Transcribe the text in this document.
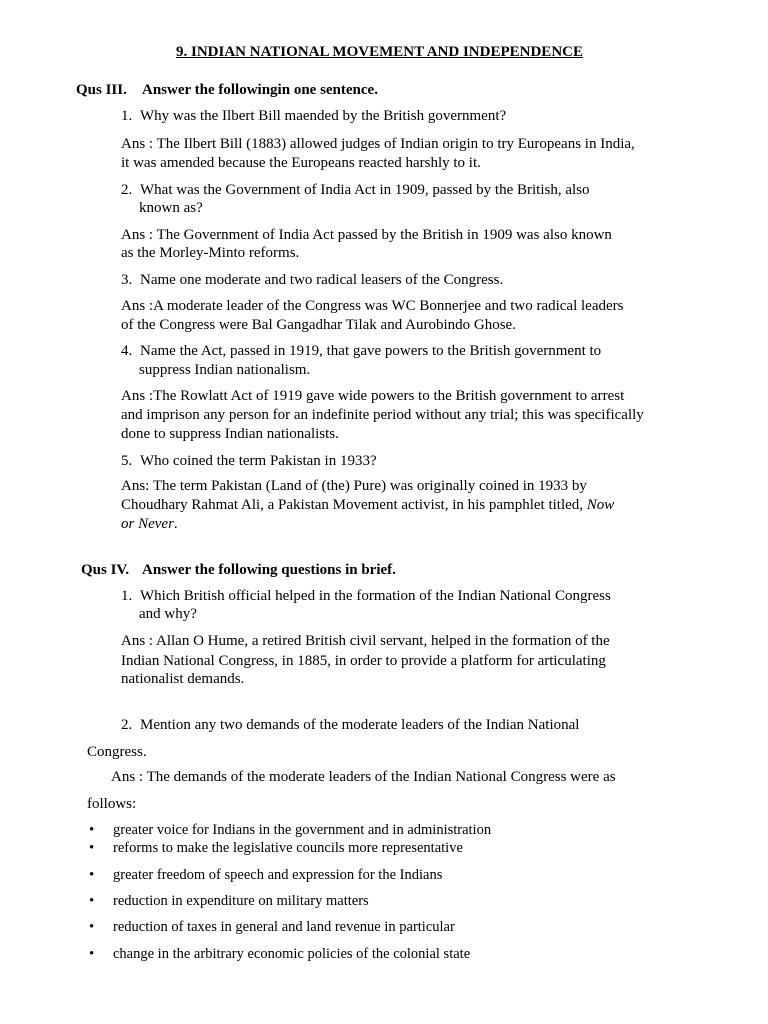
9. INDIAN NATIONAL MOVEMENT AND INDEPENDENCE
Qus III. Answer the followingin one sentence.
1. Why was the Ilbert Bill maended by the British government?
Ans : The Ilbert Bill (1883) allowed judges of Indian origin to try Europeans in India,
it was amended because the Europeans reacted harshly to it.
2. What was the Government of India Act in 1909, passed by the British, also
known as?
Ans : The Government of India Act passed by the British in 1909 was also known
as the Morley-Minto reforms.
3. Name one moderate and two radical leasers of the Congress.
Ans :A moderate leader of the Congress was WC Bonnerjee and two radical leaders
of the Congress were Bal Gangadhar Tilak and Aurobindo Ghose.
4. Name the Act, passed in 1919, that gave powers to the British government to
suppress Indian nationalism.
Ans :The Rowlatt Act of 1919 gave wide powers to the British government to arrest
and imprison any person for an indefinite period without any trial; this was specifically
done to suppress Indian nationalists.
5. Who coined the term Pakistan in 1933?
Ans: The term Pakistan (Land of (the) Pure) was originally coined in 1933 by
Choudhary Rahmat Ali, a Pakistan Movement activist, in his pamphlet titled, Now
or Never.
Qus IV. Answer the following questions in brief.
1. Which British official helped in the formation of the Indian National Congress
and why?
Ans : Allan O Hume, a retired British civil servant, helped in the formation of the
Indian National Congress, in 1885, in order to provide a platform for articulating
nationalist demands.
2. Mention any two demands of the moderate leaders of the Indian National
Congress.
Ans : The demands of the moderate leaders of the Indian National Congress were as
follows:
• greater voice for Indians in the government and in administration
• reforms to make the legislative councils more representative
• greater freedom of speech and expression for the Indians
• reduction in expenditure on military matters
• reduction of taxes in general and land revenue in particular
• change in the arbitrary economic policies of the colonial state
